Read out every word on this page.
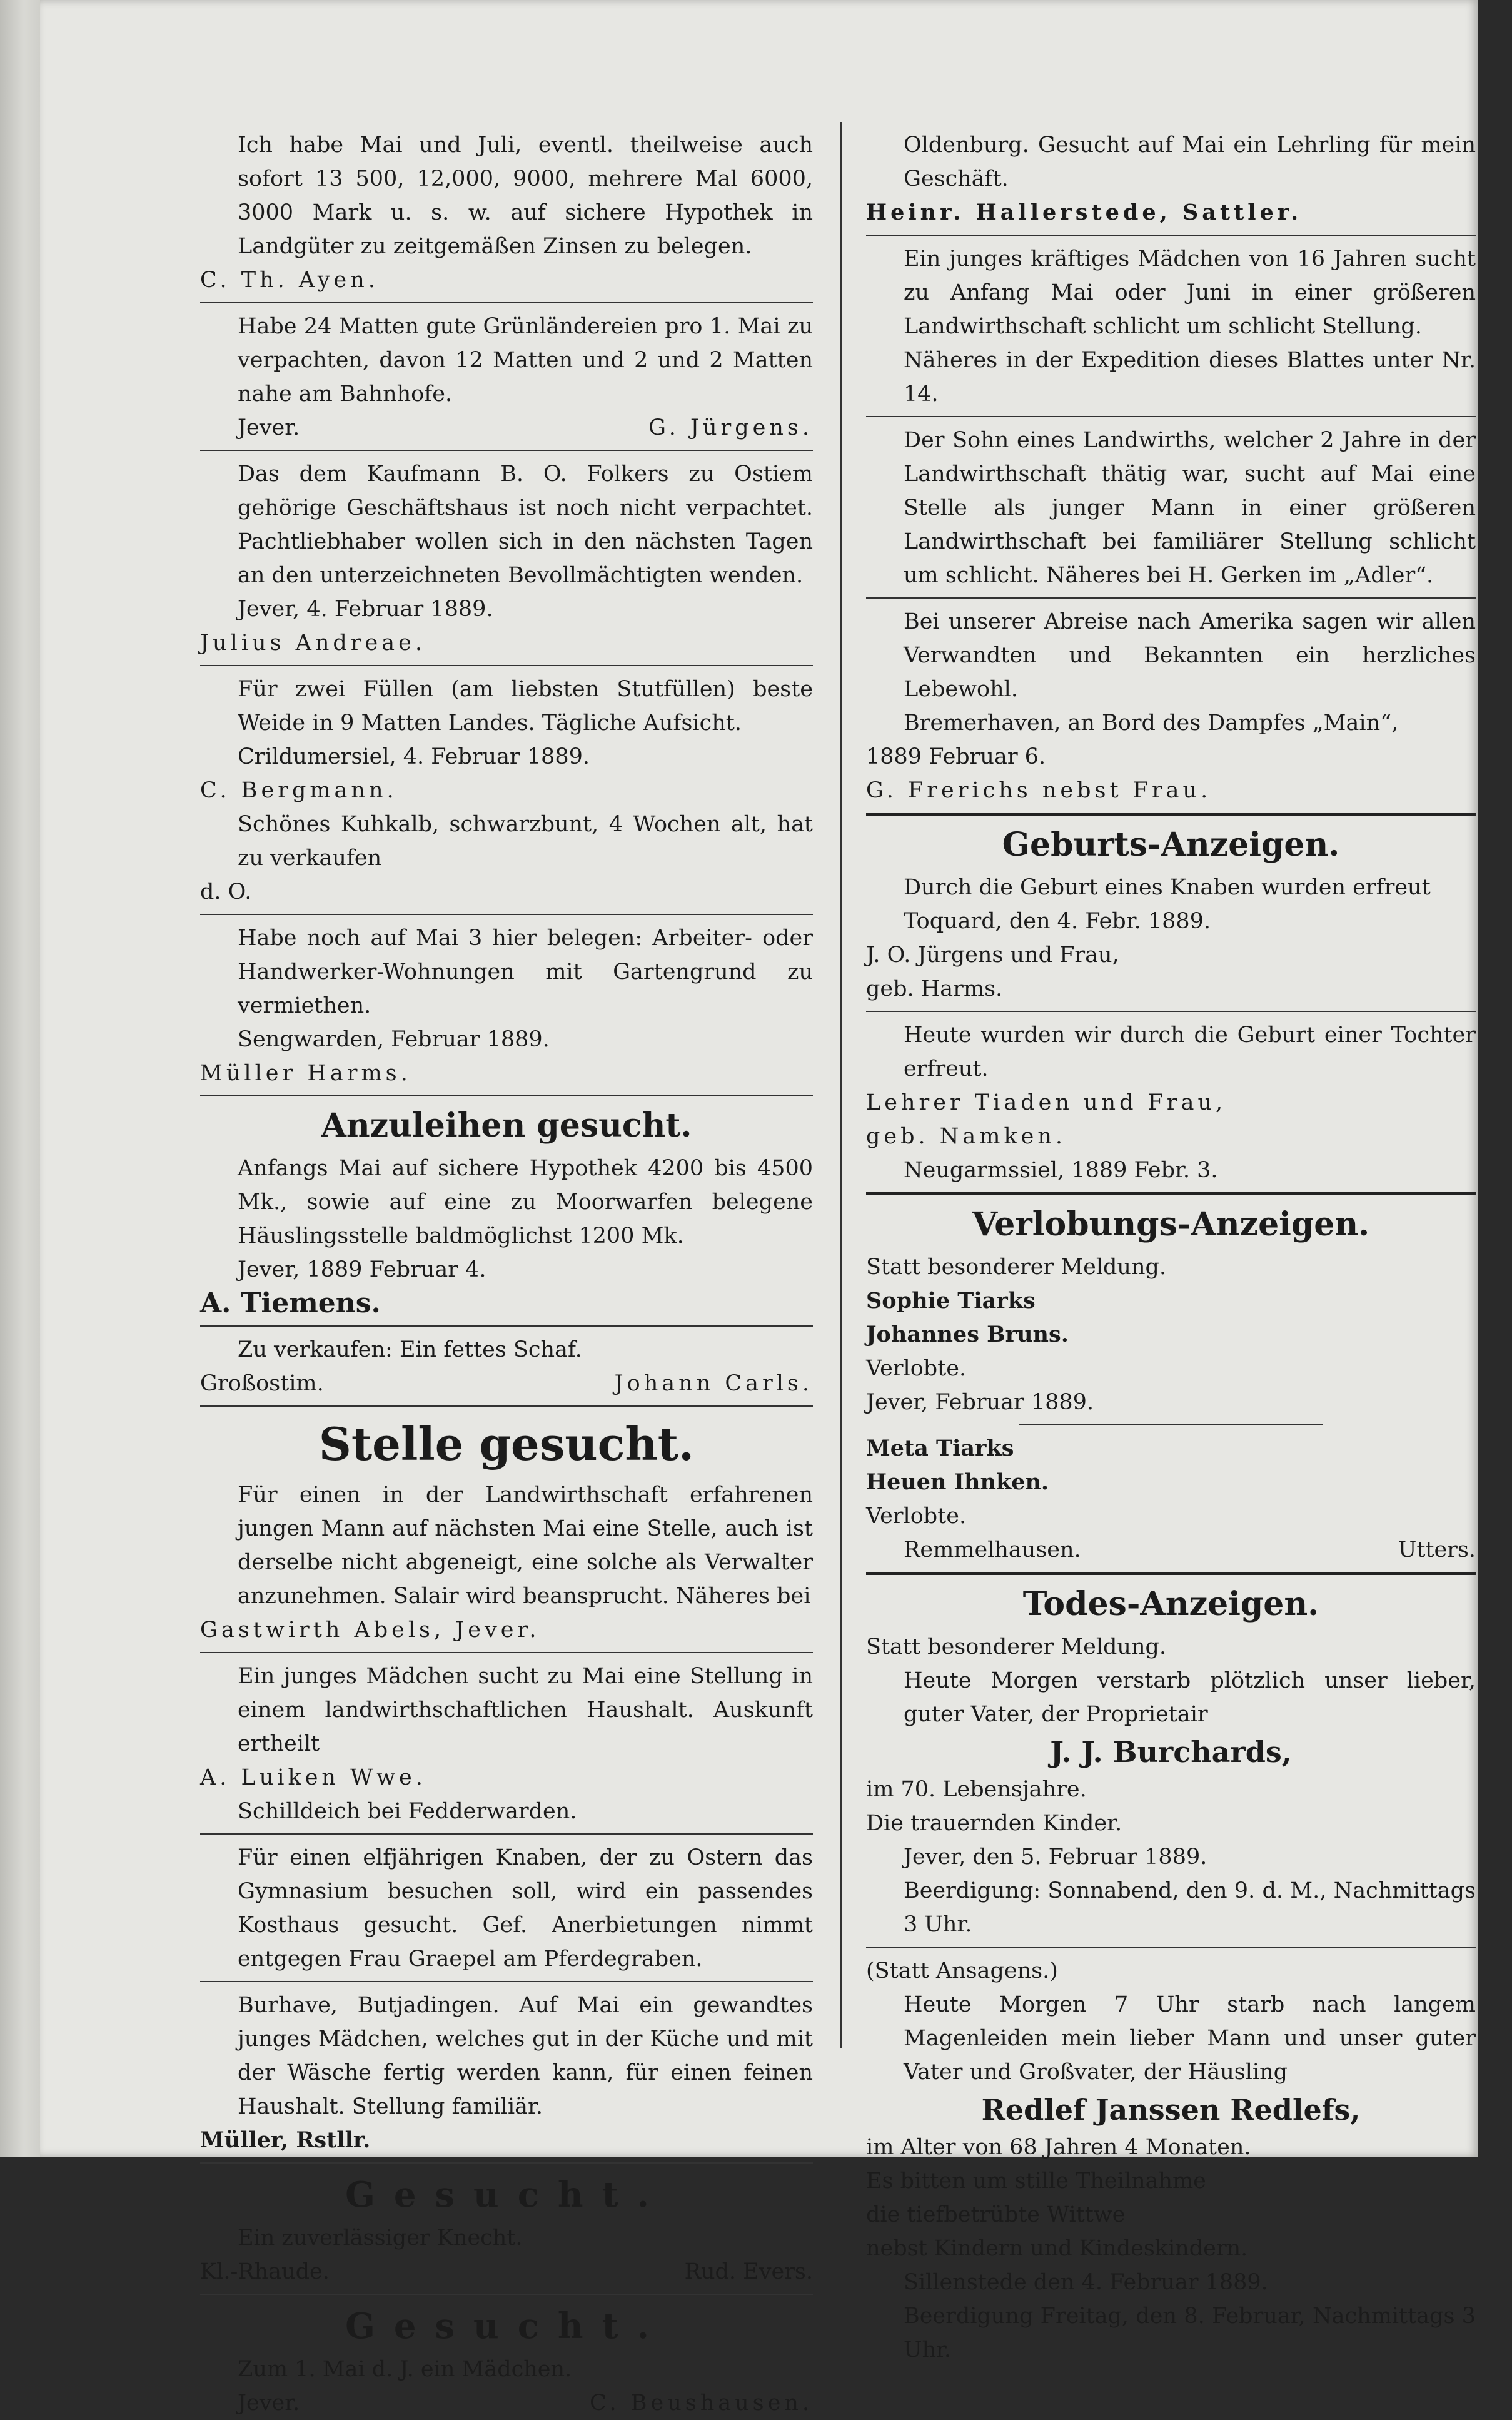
Ich habe Mai und Juli, eventl. theilweise auch sofort 13 500, 12,000, 9000, mehrere Mal 6000, 3000 Mark u. s. w. auf sichere Hypothek in Landgüter zu zeitgemäßen Zinsen zu belegen.

C. Th. Ayen.

Habe 24 Matten gute Grünländereien pro 1. Mai zu verpachten, davon 12 Matten und 2 und 2 Matten nahe am Bahnhofe.

Jever.	G. Jürgens.

Das dem Kaufmann B. O. Folkers zu Ostiem gehörige Geschäftshaus ist noch nicht verpachtet. Pachtliebhaber wollen sich in den nächsten Tagen an den unterzeichneten Bevollmächtigten wenden.

Jever, 4. Februar 1889.

Julius Andreae.

Für zwei Füllen (am liebsten Stutfüllen) beste Weide in 9 Matten Landes. Tägliche Aufsicht.

Crildumersiel, 4. Februar 1889.

C. Bergmann.

Schönes Kuhkalb, schwarzbunt, 4 Wochen alt, hat zu verkaufen

d. O.

Habe noch auf Mai 3 hier belegen: Arbeiter- oder Handwerker-Wohnungen mit Gartengrund zu vermiethen.

Sengwarden, Februar 1889.

Müller Harms.

Anzuleihen gesucht.

Anfangs Mai auf sichere Hypothek 4200 bis 4500 Mk., sowie auf eine zu Moorwarfen belegene Häuslingsstelle baldmöglichst 1200 Mk.

Jever, 1889 Februar 4.

A. Tiemens.

Zu verkaufen: Ein fettes Schaf.

Großostim.	Johann Carls.
Stelle gesucht.

Für einen in der Landwirthschaft erfahrenen jungen Mann auf nächsten Mai eine Stelle, auch ist derselbe nicht abgeneigt, eine solche als Verwalter anzunehmen. Salair wird beansprucht. Näheres bei

Gastwirth Abels, Jever.

Ein junges Mädchen sucht zu Mai eine Stellung in einem landwirthschaftlichen Haushalt. Auskunft ertheilt

A. Luiken Wwe.

Schilldeich bei Fedderwarden.

Für einen elfjährigen Knaben, der zu Ostern das Gymnasium besuchen soll, wird ein passendes Kosthaus gesucht. Gef. Anerbietungen nimmt entgegen Frau Graepel am Pferdegraben.

Burhave, Butjadingen. Auf Mai ein gewandtes junges Mädchen, welches gut in der Küche und mit der Wäsche fertig werden kann, für einen feinen Haushalt. Stellung familiär.

Müller, Rstllr.

Gesucht.

Ein zuverlässiger Knecht.

Kl.-Rhaude.	Rud. Evers.
Gesucht.

Zum 1. Mai d. J. ein Mädchen.

Jever.	C. Beushausen.

Oldenburg. Gesucht auf Mai ein Lehrling für mein Geschäft.

Heinr. Hallerstede, Sattler.

Ein junges kräftiges Mädchen von 16 Jahren sucht zu Anfang Mai oder Juni in einer größeren Landwirthschaft schlicht um schlicht Stellung.

Näheres in der Expedition dieses Blattes unter Nr. 14.

Der Sohn eines Landwirths, welcher 2 Jahre in der Landwirthschaft thätig war, sucht auf Mai eine Stelle als junger Mann in einer größeren Landwirthschaft bei familiärer Stellung schlicht um schlicht. Näheres bei H. Gerken im „Adler“.

Bei unserer Abreise nach Amerika sagen wir allen Verwandten und Bekannten ein herzliches Lebewohl.

Bremerhaven, an Bord des Dampfes „Main“,

1889 Februar 6.

G. Frerichs nebst Frau.

Geburts-Anzeigen.

Durch die Geburt eines Knaben wurden erfreut

Toquard, den 4. Febr. 1889.

J. O. Jürgens und Frau,

geb. Harms.

Heute wurden wir durch die Geburt einer Tochter erfreut.

Lehrer Tiaden und Frau,

geb. Namken.

Neugarmssiel, 1889 Febr. 3.

Verlobungs-Anzeigen.

Statt besonderer Meldung.

Sophie Tiarks

Johannes Bruns.

Verlobte.

Jever, Februar 1889.

Meta Tiarks

Heuen Ihnken.

Verlobte.

Remmelhausen.	Utters.
Todes-Anzeigen.

Statt besonderer Meldung.

Heute Morgen verstarb plötzlich unser lieber, guter Vater, der Proprietair

J. J. Burchards,

im 70. Lebensjahre.

Die trauernden Kinder.

Jever, den 5. Februar 1889.

Beerdigung: Sonnabend, den 9. d. M., Nachmittags 3 Uhr.

(Statt Ansagens.)

Heute Morgen 7 Uhr starb nach langem Magenleiden mein lieber Mann und unser guter Vater und Großvater, der Häusling

Redlef Janssen Redlefs,

im Alter von 68 Jahren 4 Monaten.

Es bitten um stille Theilnahme

die tiefbetrübte Wittwe

nebst Kindern und Kindeskindern.

Sillenstede den 4. Februar 1889.

Beerdigung Freitag, den 8. Februar, Nachmittags 3 Uhr.
